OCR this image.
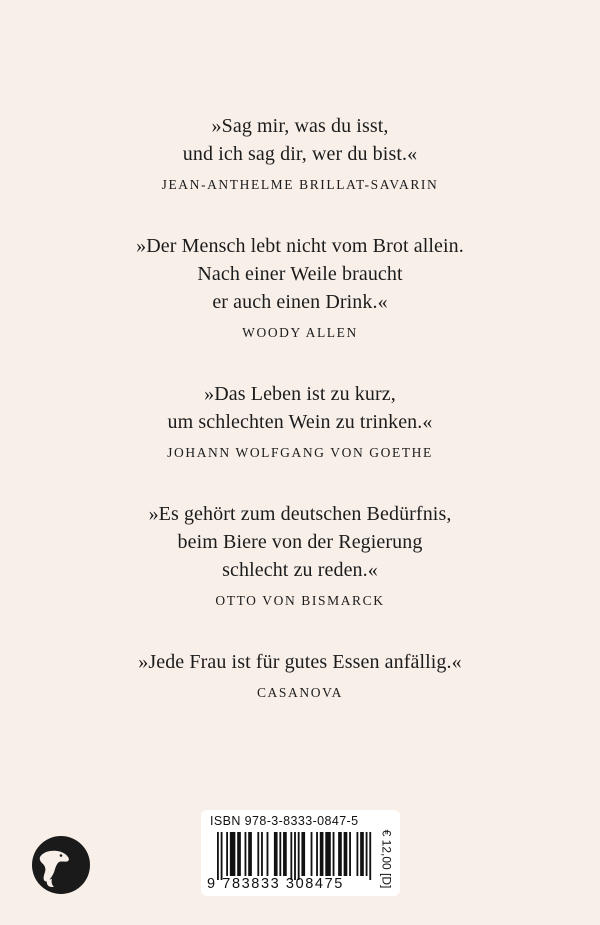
»Sag mir, was du isst,
und ich sag dir, wer du bist.«
JEAN-ANTHELME BRILLAT-SAVARIN
»Der Mensch lebt nicht vom Brot allein.
Nach einer Weile braucht
er auch einen Drink.«
WOODY ALLEN
»Das Leben ist zu kurz,
um schlechten Wein zu trinken.«
JOHANN WOLFGANG VON GOETHE
»Es gehört zum deutschen Bedürfnis,
beim Biere von der Regierung
schlecht zu reden.«
OTTO VON BISMARCK
»Jede Frau ist für gutes Essen anfällig.«
CASANOVA
ISBN 978-3-8333-0847-5
9 783833 308475	€ 12,00 [D]
